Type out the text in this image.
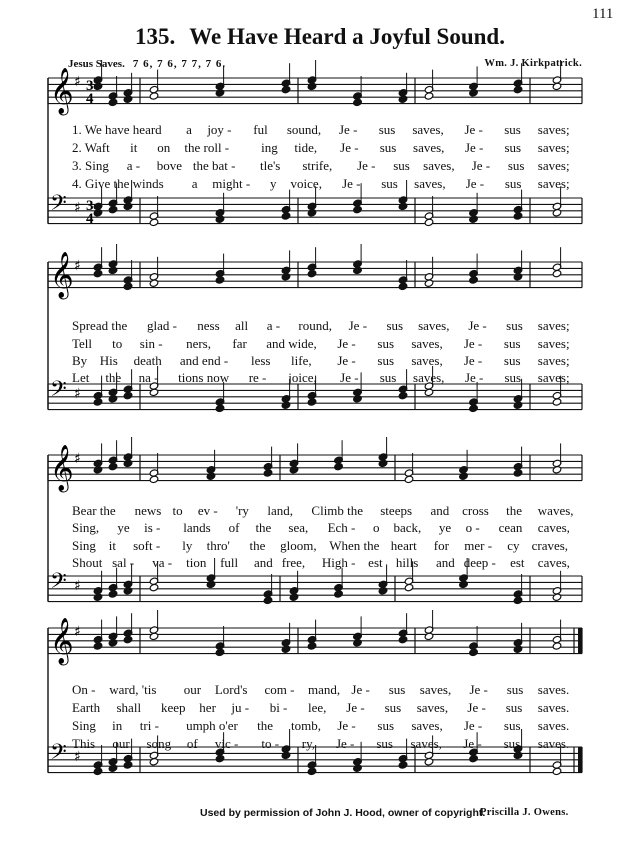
111
135. We Have Heard a Joyful Sound.
Jesus Saves. 7 6, 7 6, 7 7, 7 6.	Wm. J. Kirkpatrick.
𝄞 ♯ 3
4
𝄢 ♯ 3
4
𝄞 ♯
𝄢 ♯
𝄞 ♯
𝄢 ♯
𝄞 ♯
𝄢 ♯
1. We have heard a joy - ful sound, Je - sus saves, Je - sus saves;
2. Waft it on the roll - ing tide, Je - sus saves, Je - sus saves;
3. Sing a - bove the bat - tle's strife, Je - sus saves, Je - sus saves;
4. Give the winds a might - y voice, Je - sus saves, Je - sus saves;
Spread the glad - ness all a - round, Je - sus saves, Je - sus saves;
Tell to sin - ners, far and wide, Je - sus saves, Je - sus saves;
By His death and end - less life, Je - sus saves, Je - sus saves;
Let the na - tions now re - joice, Je - sus saves, Je - sus saves;
Bear the news to ev - 'ry land, Climb the steeps and cross the waves,
Sing, ye is - lands of the sea, Ech - o back, ye o - cean caves,
Sing it soft - ly thro' the gloom, When the heart for mer - cy craves,
Shout sal - va - tion full and free, High - est hills and deep - est caves,
On - ward, 'tis our Lord's com - mand, Je - sus saves, Je - sus saves.
Earth shall keep her ju - bi - lee, Je - sus saves, Je - sus saves.
Sing in tri - umph o'er the tomb, Je - sus saves, Je - sus saves.
This our song of vic - to - ry, Je - sus saves, Je - sus saves.
Used by permission of John J. Hood, owner of copyright.
Priscilla J. Owens.
